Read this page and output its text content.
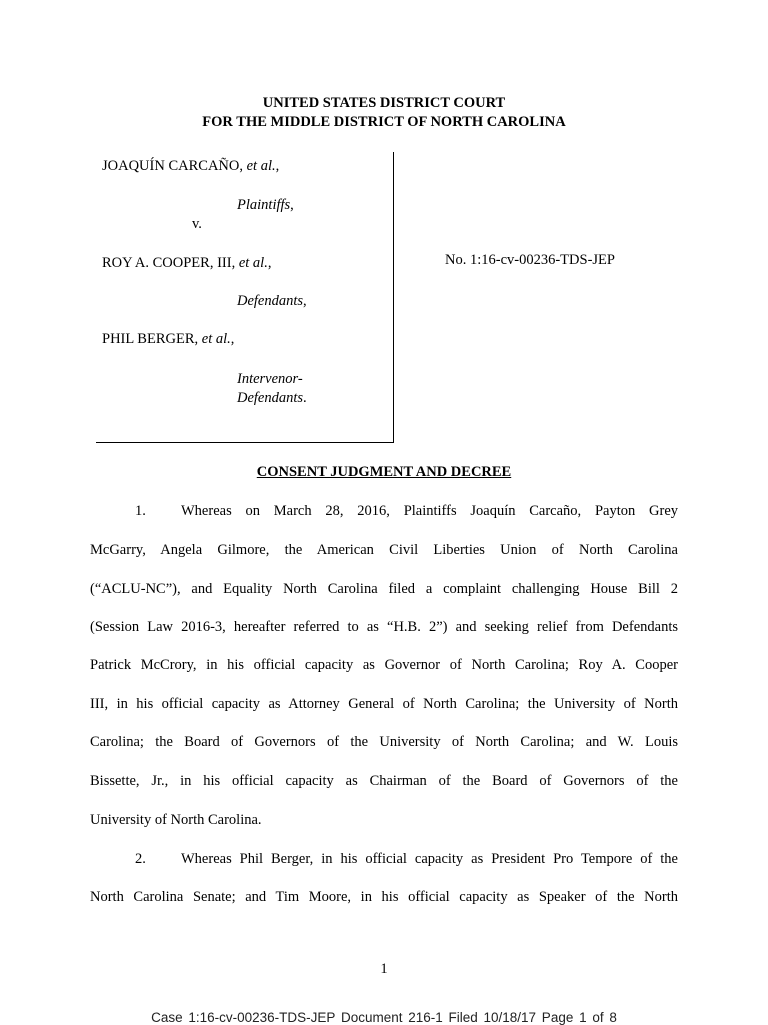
UNITED STATES DISTRICT COURT
FOR THE MIDDLE DISTRICT OF NORTH CAROLINA
JOAQUÍN CARCAÑO, et al.,
Plaintiffs,
v.
ROY A. COOPER, III, et al.,
Defendants,
PHIL BERGER, et al.,
Intervenor-
Defendants.
No. 1:16-cv-00236-TDS-JEP
CONSENT JUDGMENT AND DECREE
1. Whereas on March 28, 2016, Plaintiffs Joaquín Carcaño, Payton Grey
McGarry, Angela Gilmore, the American Civil Liberties Union of North Carolina
(“ACLU-NC”), and Equality North Carolina filed a complaint challenging House Bill 2
(Session Law 2016-3, hereafter referred to as “H.B. 2”) and seeking relief from Defendants
Patrick McCrory, in his official capacity as Governor of North Carolina; Roy A. Cooper
III, in his official capacity as Attorney General of North Carolina; the University of North
Carolina; the Board of Governors of the University of North Carolina; and W. Louis
Bissette, Jr., in his official capacity as Chairman of the Board of Governors of the
University of North Carolina.
2. Whereas Phil Berger, in his official capacity as President Pro Tempore of the
North Carolina Senate; and Tim Moore, in his official capacity as Speaker of the North
1
Case 1:16-cv-00236-TDS-JEP Document 216-1 Filed 10/18/17 Page 1 of 8
